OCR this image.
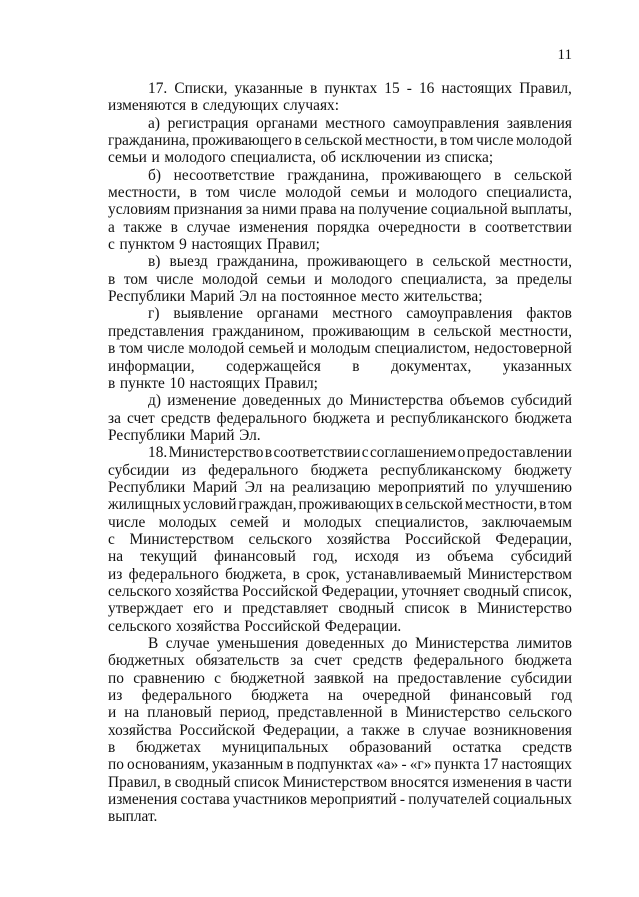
11
17. Списки, указанные в пунктах 15 - 16 настоящих Правил,
изменяются в следующих случаях:
а) регистрация органами местного самоуправления заявления
гражданина, проживающего в сельской местности, в том числе молодой
семьи и молодого специалиста, об исключении из списка;
б) несоответствие гражданина, проживающего в сельской
местности, в том числе молодой семьи и молодого специалиста,
условиям признания за ними права на получение социальной выплаты,
а также в случае изменения порядка очередности в соответствии
с пунктом 9 настоящих Правил;
в) выезд гражданина, проживающего в сельской местности,
в том числе молодой семьи и молодого специалиста, за пределы
Республики Марий Эл на постоянное место жительства;
г) выявление органами местного самоуправления фактов
представления гражданином, проживающим в сельской местности,
в том числе молодой семьей и молодым специалистом, недостоверной
информации, содержащейся в документах, указанных
в пункте 10 настоящих Правил;
д) изменение доведенных до Министерства объемов субсидий
за счет средств федерального бюджета и республиканского бюджета
Республики Марий Эл.
18. Министерство в соответствии с соглашением о предоставлении
субсидии из федерального бюджета республиканскому бюджету
Республики Марий Эл на реализацию мероприятий по улучшению
жилищных условий граждан, проживающих в сельской местности, в том
числе молодых семей и молодых специалистов, заключаемым
с Министерством сельского хозяйства Российской Федерации,
на текущий финансовый год, исходя из объема субсидий
из федерального бюджета, в срок, устанавливаемый Министерством
сельского хозяйства Российской Федерации, уточняет сводный список,
утверждает его и представляет сводный список в Министерство
сельского хозяйства Российской Федерации.
В случае уменьшения доведенных до Министерства лимитов
бюджетных обязательств за счет средств федерального бюджета
по сравнению с бюджетной заявкой на предоставление субсидии
из федерального бюджета на очередной финансовый год
и на плановый период, представленной в Министерство сельского
хозяйства Российской Федерации, а также в случае возникновения
в бюджетах муниципальных образований остатка средств
по основаниям, указанным в подпунктах «а» - «г» пункта 17 настоящих
Правил, в сводный список Министерством вносятся изменения в части
изменения состава участников мероприятий - получателей социальных
выплат.
